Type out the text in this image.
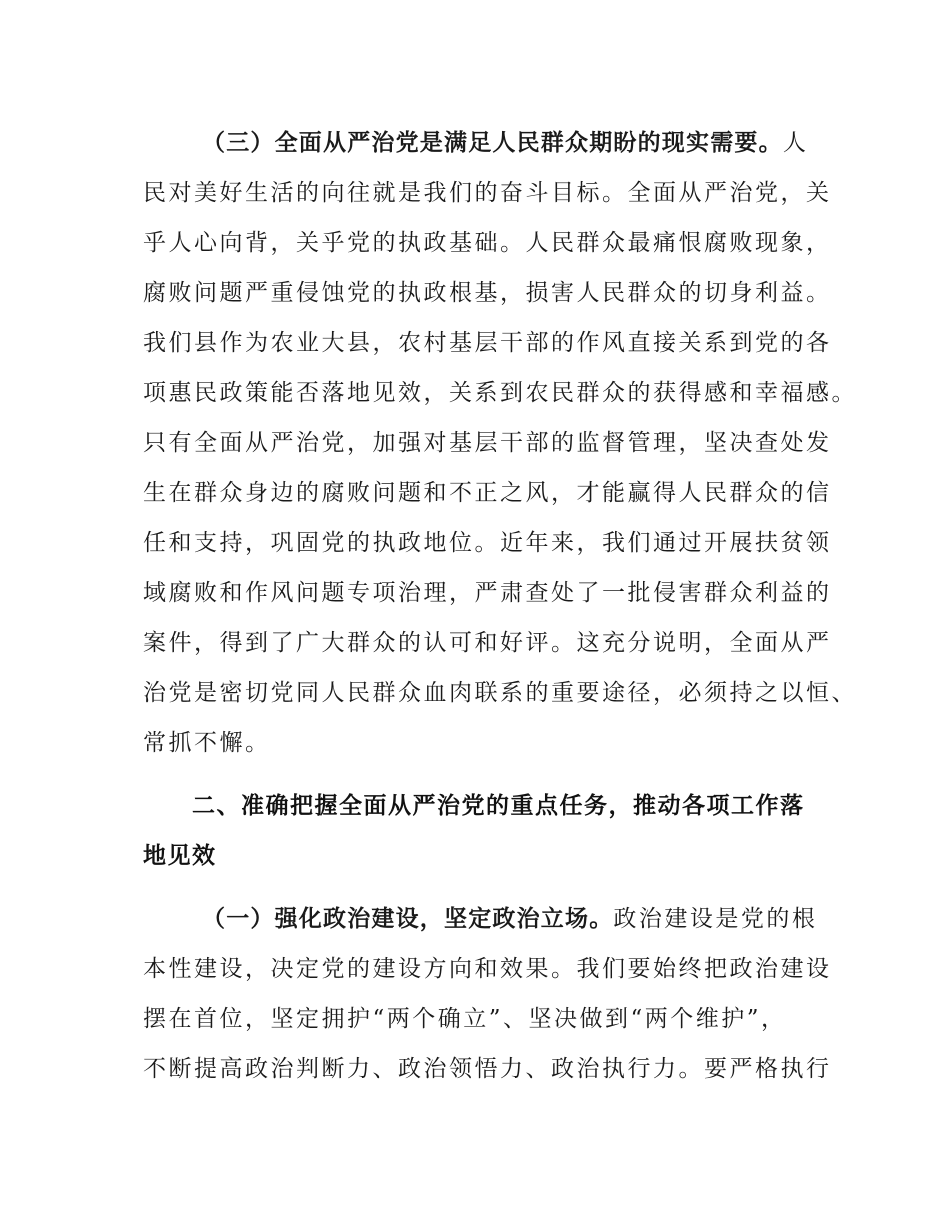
（三）全面从严治党是满足人民群众期盼的现实需要。人
民对美好生活的向往就是我们的奋斗目标。全面从严治党，关
乎人心向背，关乎党的执政基础。人民群众最痛恨腐败现象，
腐败问题严重侵蚀党的执政根基，损害人民群众的切身利益。
我们县作为农业大县，农村基层干部的作风直接关系到党的各
项惠民政策能否落地见效，关系到农民群众的获得感和幸福感。
只有全面从严治党，加强对基层干部的监督管理，坚决查处发
生在群众身边的腐败问题和不正之风，才能赢得人民群众的信
任和支持，巩固党的执政地位。近年来，我们通过开展扶贫领
域腐败和作风问题专项治理，严肃查处了一批侵害群众利益的
案件，得到了广大群众的认可和好评。这充分说明，全面从严
治党是密切党同人民群众血肉联系的重要途径，必须持之以恒、
常抓不懈。
二、准确把握全面从严治党的重点任务，推动各项工作落
地见效
（一）强化政治建设，坚定政治立场。政治建设是党的根
本性建设，决定党的建设方向和效果。我们要始终把政治建设
摆在首位，坚定拥护“两个确立”、坚决做到“两个维护”，
不断提高政治判断力、政治领悟力、政治执行力。要严格执行
